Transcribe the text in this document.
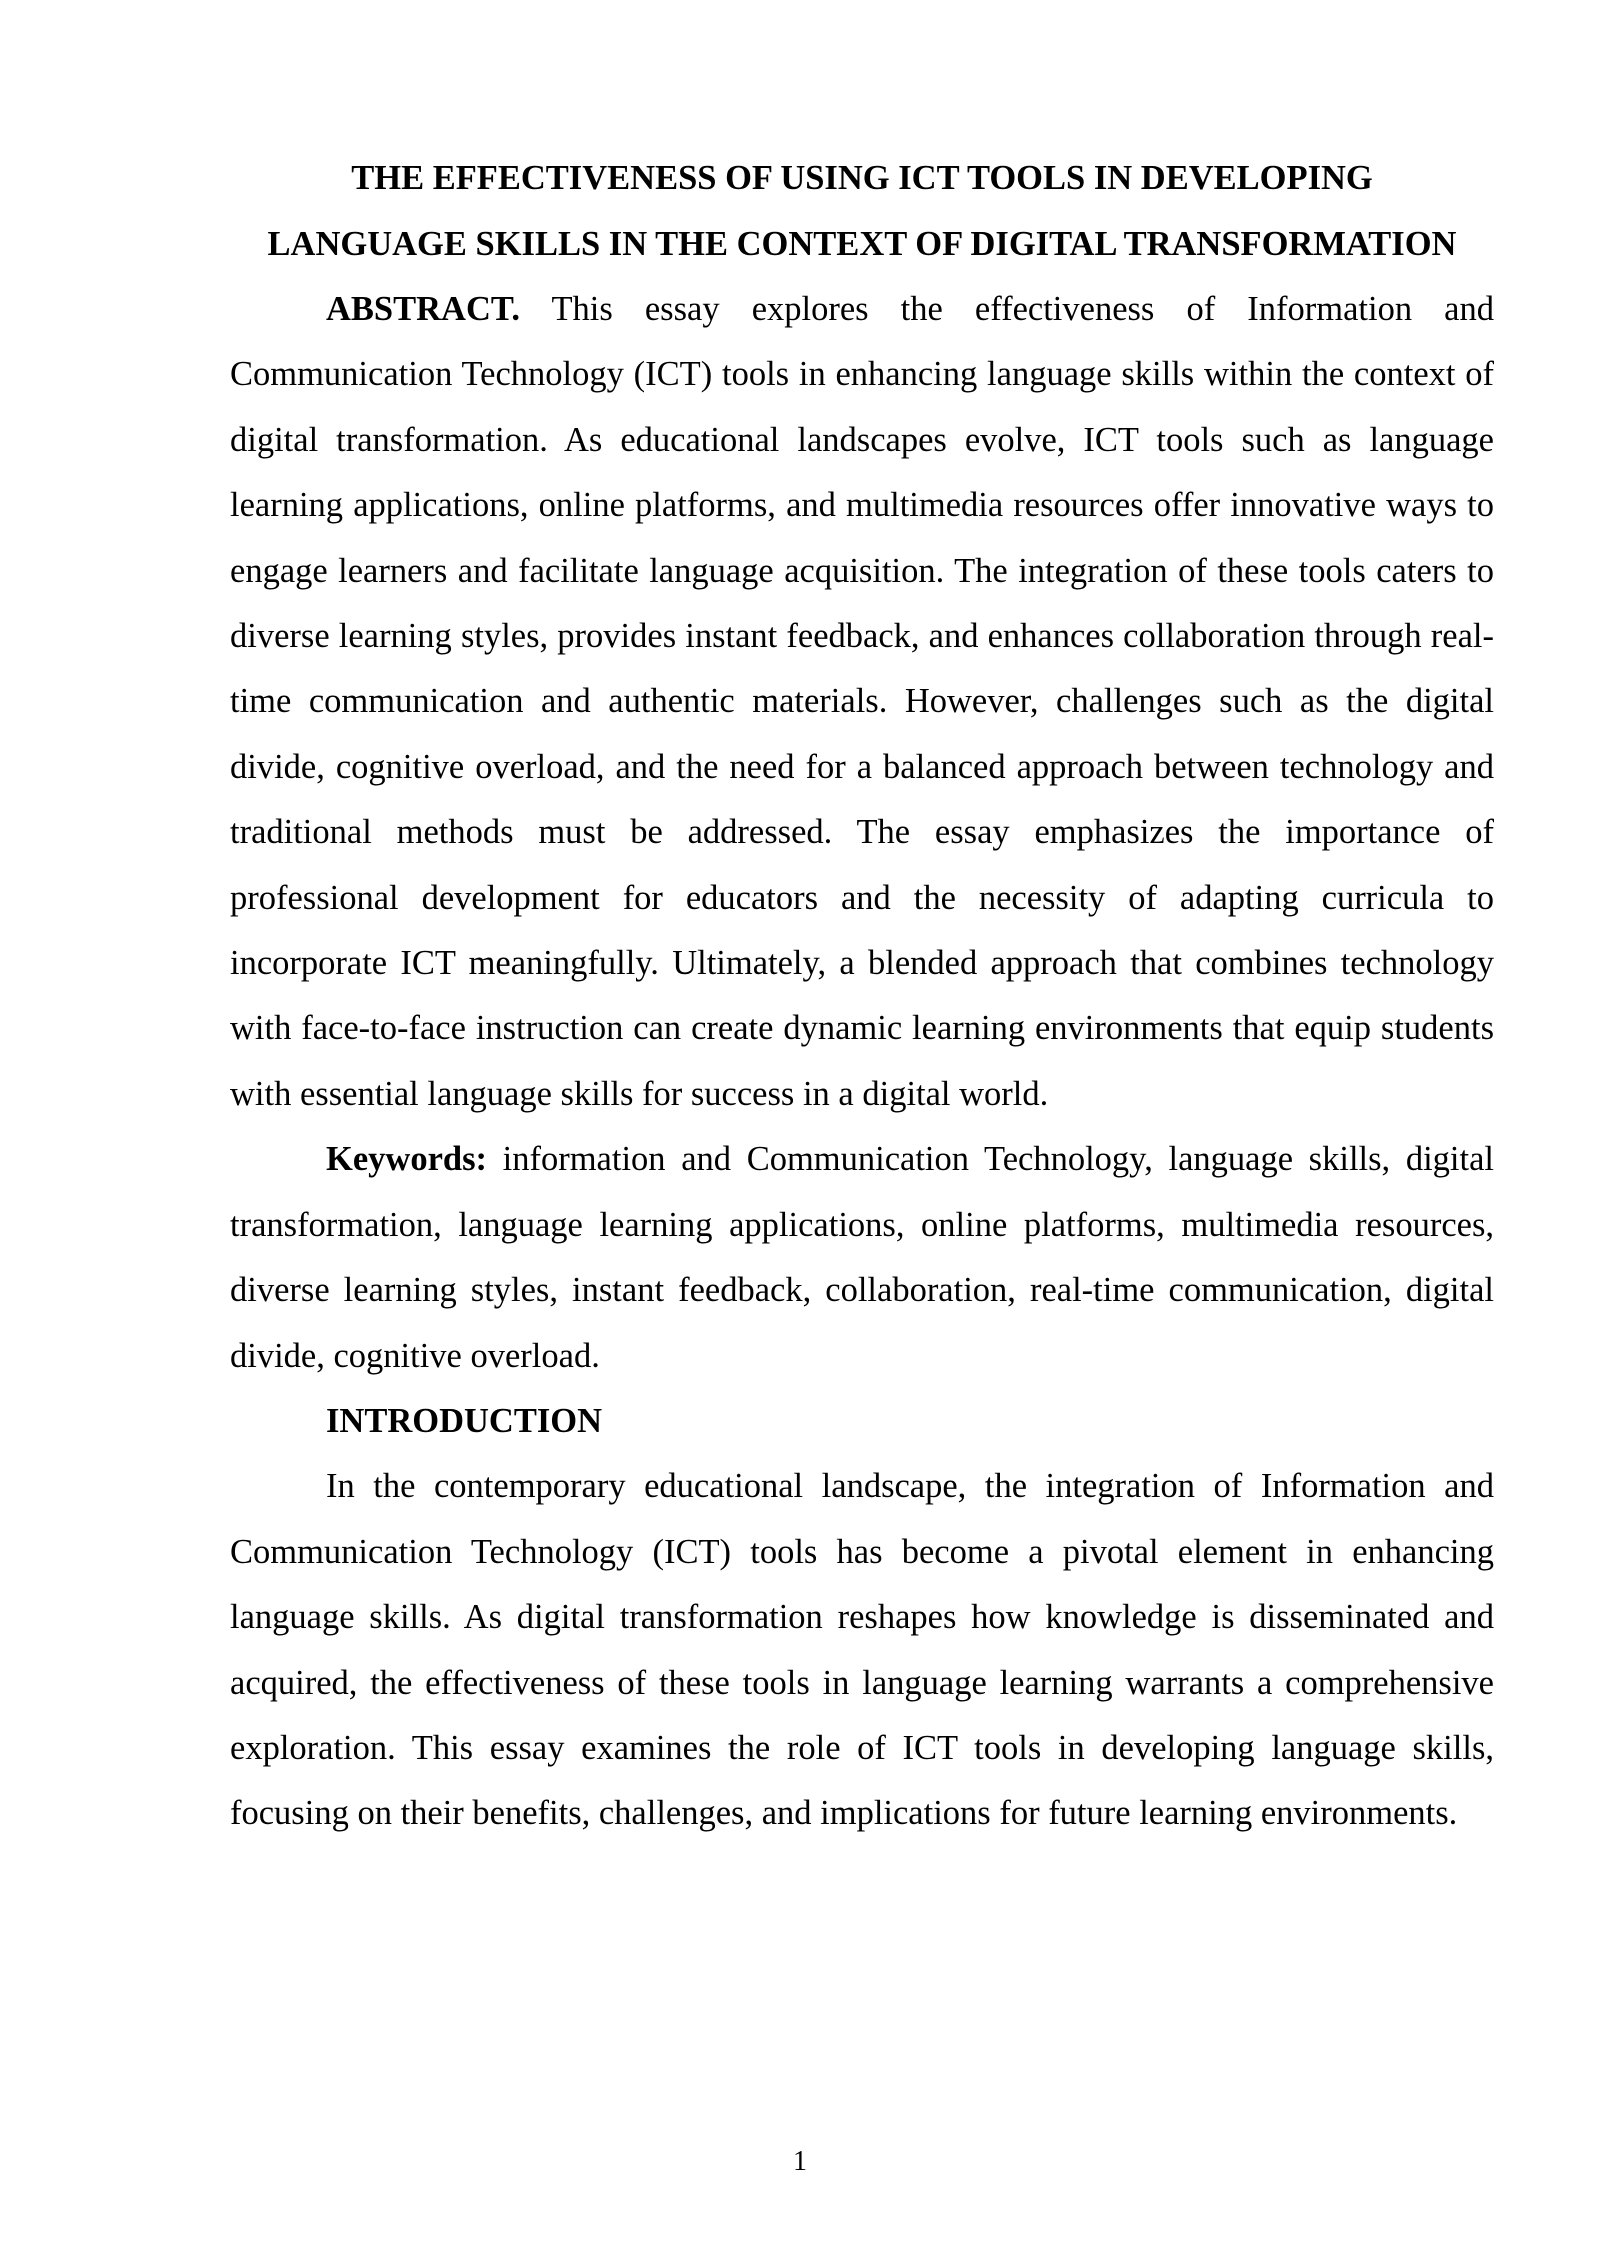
THE EFFECTIVENESS OF USING ICT TOOLS IN DEVELOPING LANGUAGE SKILLS IN THE CONTEXT OF DIGITAL TRANSFORMATION

ABSTRACT. This essay explores the effectiveness of Information and Communication Technology (ICT) tools in enhancing language skills within the context of digital transformation. As educational landscapes evolve, ICT tools such as language learning applications, online platforms, and multimedia resources offer innovative ways to engage learners and facilitate language acquisition. The integration of these tools caters to diverse learning styles, provides instant feedback, and enhances collaboration through real-time communication and authentic materials. However, challenges such as the digital divide, cognitive overload, and the need for a balanced approach between technology and traditional methods must be addressed. The essay emphasizes the importance of professional development for educators and the necessity of adapting curricula to incorporate ICT meaningfully. Ultimately, a blended approach that combines technology with face-to-face instruction can create dynamic learning environments that equip students with essential language skills for success in a digital world.

Keywords: information and Communication Technology, language skills, digital transformation, language learning applications, online platforms, multimedia resources, diverse learning styles, instant feedback, collaboration, real-time communication, digital divide, cognitive overload.

INTRODUCTION

In the contemporary educational landscape, the integration of Information and Communication Technology (ICT) tools has become a pivotal element in enhancing language skills. As digital transformation reshapes how knowledge is disseminated and acquired, the effectiveness of these tools in language learning warrants a comprehensive exploration. This essay examines the role of ICT tools in developing language skills, focusing on their benefits, challenges, and implications for future learning environments.

1
